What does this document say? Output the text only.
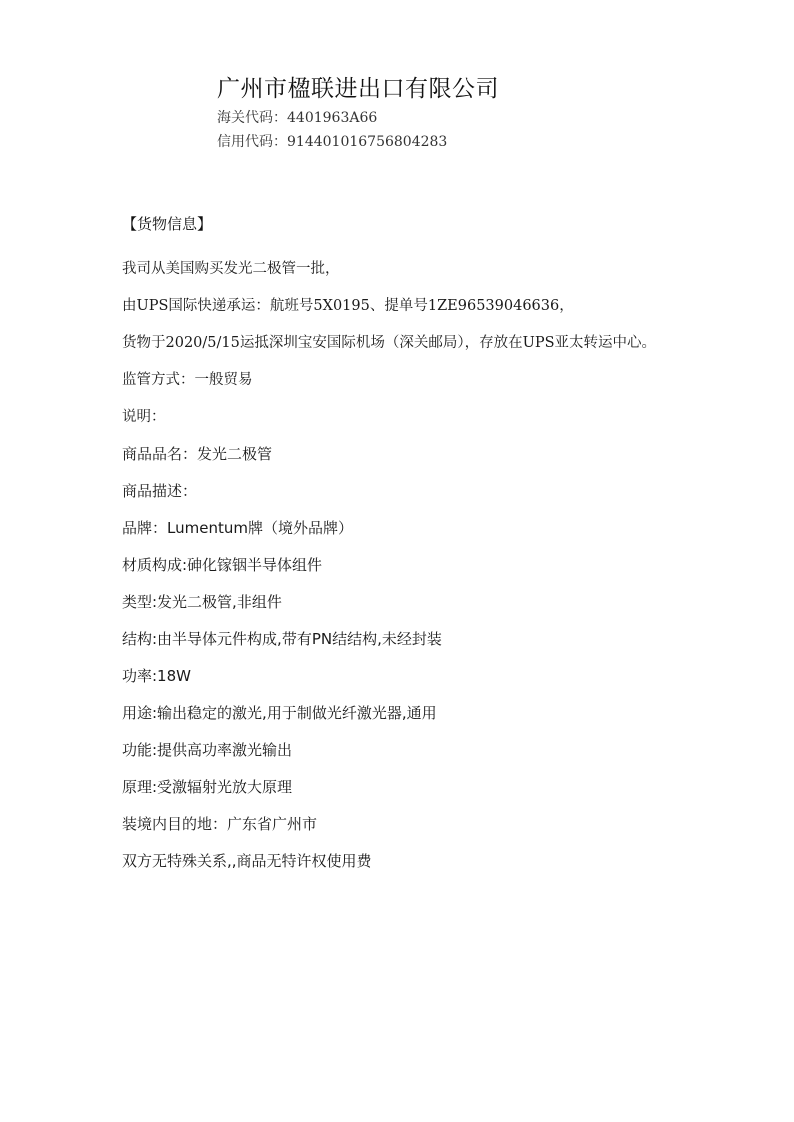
广州市楹联进出口有限公司
海关代码：4401963A66
信用代码：914401016756804283
【货物信息】
我司从美国购买发光二极管一批，
由UPS国际快递承运：航班号5X0195、提单号1ZE96539046636，
货物于2020/5/15运抵深圳宝安国际机场（深关邮局），存放在UPS亚太转运中心。
监管方式：一般贸易
说明：
商品品名：发光二极管
商品描述：
品牌：Lumentum牌（境外品牌）
材质构成:砷化镓铟半导体组件
类型:发光二极管,非组件
结构:由半导体元件构成,带有PN结结构,未经封装
功率:18W
用途:输出稳定的激光,用于制做光纤激光器,通用
功能:提供高功率激光输出
原理:受激辐射光放大原理
装境内目的地：广东省广州市
双方无特殊关系,,商品无特许权使用费
